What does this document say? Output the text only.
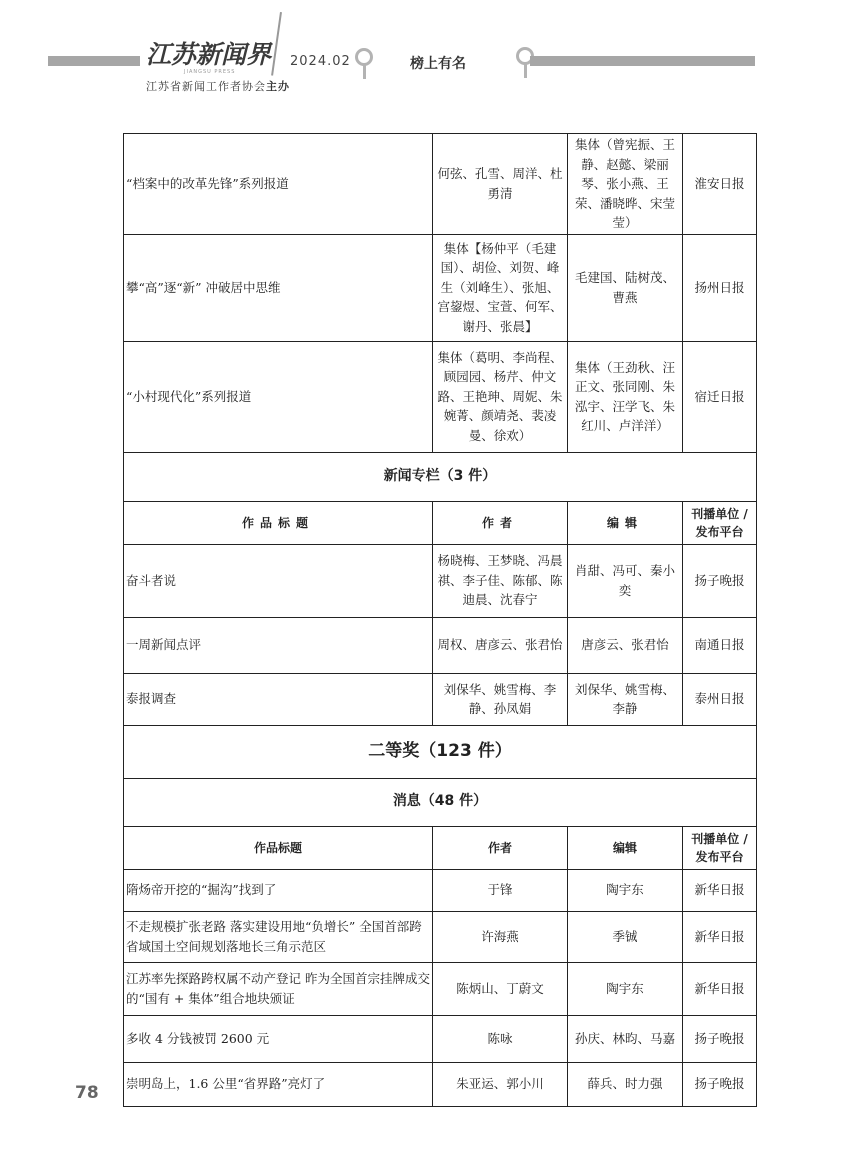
江苏新闻界
JIANGSU PRESS
2024.02	榜上有名
江苏省新闻工作者协会主办
“档案中的改革先锋”系列报道	何弦、孔雪、周洋、杜勇清	集体（曾宪振、王静、赵懿、梁丽琴、张小燕、王荣、潘晓晔、宋莹莹）	淮安日报
攀“高”逐“新” 冲破居中思维	集体【杨仲平（毛建国）、胡俭、刘贺、峰生（刘峰生）、张旭、宫鋆煜、宝萱、何军、谢丹、张晨】	毛建国、陆树茂、曹燕	扬州日报
“小村现代化”系列报道	集体（葛明、李尚程、顾园园、杨芹、仲文路、王艳珅、周妮、朱婉菁、颜靖尧、裴凌曼、徐欢）	集体（王劲秋、汪正文、张同刚、朱泓宇、汪学飞、朱红川、卢洋洋）	宿迁日报
新闻专栏（3 件）			
作品标题	作者	编辑	刊播单位 / 发布平台
奋斗者说	杨晓梅、王梦晓、冯晨祺、李子佳、陈郁、陈迪晨、沈春宁	肖甜、冯可、秦小奕	扬子晚报
一周新闻点评	周权、唐彦云、张君怡	唐彦云、张君怡	南通日报
泰报调查	刘保华、姚雪梅、李静、孙凤娟	刘保华、姚雪梅、李静	泰州日报
二等奖（123 件）			
消息（48 件）			
作品标题	作者	编辑	刊播单位 / 发布平台
隋炀帝开挖的“掘沟”找到了	于锋	陶宇东	新华日报
不走规模扩张老路 落实建设用地“负增长” 全国首部跨省域国土空间规划落地长三角示范区	许海燕	季铖	新华日报
江苏率先探路跨权属不动产登记 昨为全国首宗挂牌成交的“国有 + 集体”组合地块颁证	陈炳山、丁蔚文	陶宇东	新华日报
多收 4 分钱被罚 2600 元	陈咏	孙庆、林昀、马嘉	扬子晚报
崇明岛上，1.6 公里“省界路”亮灯了	朱亚运、郭小川	薛兵、时力强	扬子晚报
78
